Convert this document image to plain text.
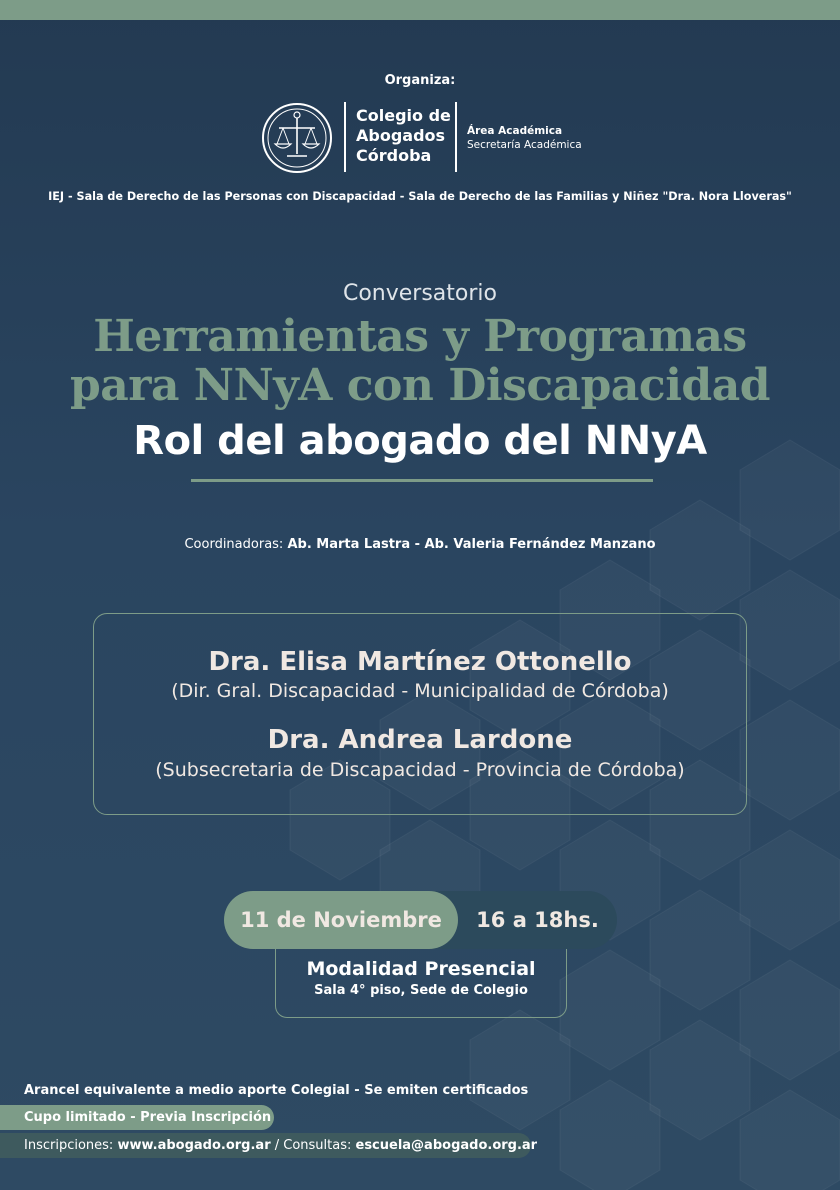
Organiza:
Colegio de
Abogados
Córdoba
Área Académica
Secretaría Académica
IEJ - Sala de Derecho de las Personas con Discapacidad - Sala de Derecho de las Familias y Niñez "Dra. Nora Lloveras"
Conversatorio
Herramientas y Programas
para NNyA con Discapacidad
Rol del abogado del NNyA
Coordinadoras: Ab. Marta Lastra - Ab. Valeria Fernández Manzano
Dra. Elisa Martínez Ottonello
(Dir. Gral. Discapacidad - Municipalidad de Córdoba)
Dra. Andrea Lardone
(Subsecretaria de Discapacidad - Provincia de Córdoba)
Modalidad Presencial
Sala 4° piso, Sede de Colegio
11 de Noviembre	16 a 18hs.
Arancel equivalente a medio aporte Colegial - Se emiten certificados
Cupo limitado - Previa Inscripción
Inscripciones: www.abogado.org.ar / Consultas: escuela@abogado.org.ar
